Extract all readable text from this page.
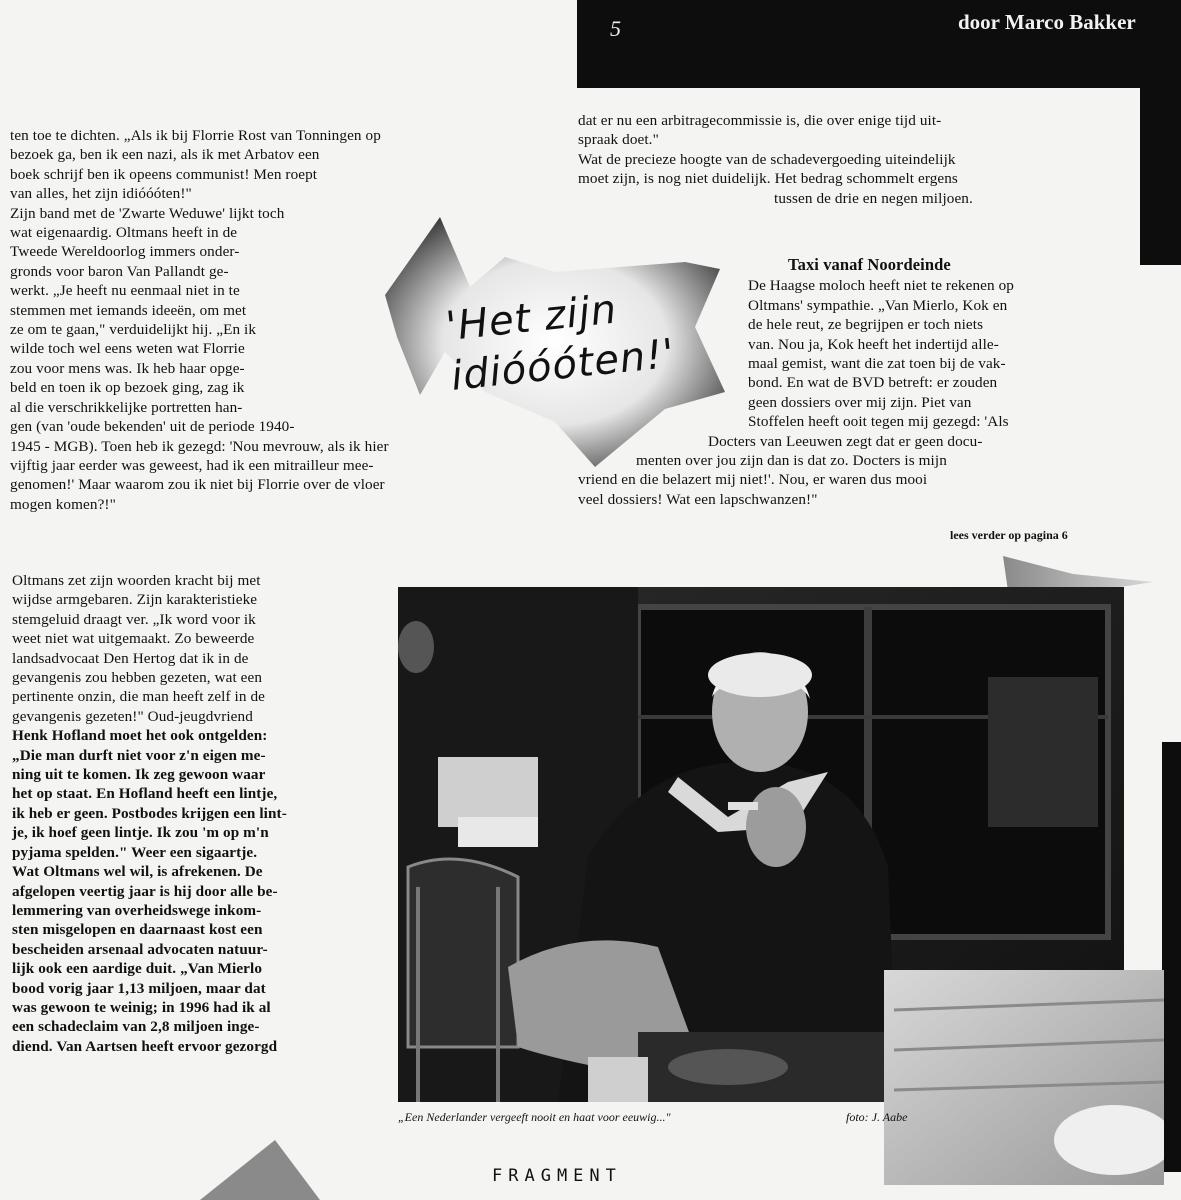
5	door Marco Bakker

ten toe te dichten. „Als ik bij Florrie Rost van Tonningen op

bezoek ga, ben ik een nazi, als ik met Arbatov een

boek schrijf ben ik opeens communist! Men roept

van alles, het zijn idióóóten!"

Zijn band met de 'Zwarte Weduwe' lijkt toch

wat eigenaardig. Oltmans heeft in de

Tweede Wereldoorlog immers onder-

gronds voor baron Van Pallandt ge-

werkt. „Je heeft nu eenmaal niet in te

stemmen met iemands ideeën, om met

ze om te gaan," verduidelijkt hij. „En ik

wilde toch wel eens weten wat Florrie

zou voor mens was. Ik heb haar opge-

beld en toen ik op bezoek ging, zag ik

al die verschrikkelijke portretten han-

gen (van 'oude bekenden' uit de periode 1940-

1945 - MGB). Toen heb ik gezegd: 'Nou mevrouw, als ik hier

vijftig jaar eerder was geweest, had ik een mitrailleur mee-

genomen!' Maar waarom zou ik niet bij Florrie over de vloer

mogen komen?!"

Oltmans zet zijn woorden kracht bij met

wijdse armgebaren. Zijn karakteristieke

stemgeluid draagt ver. „Ik word voor ik

weet niet wat uitgemaakt. Zo beweerde

landsadvocaat Den Hertog dat ik in de

gevangenis zou hebben gezeten, wat een

pertinente onzin, die man heeft zelf in de

gevangenis gezeten!" Oud-jeugdvriend

Henk Hofland moet het ook ontgelden:

„Die man durft niet voor z'n eigen me-

ning uit te komen. Ik zeg gewoon waar

het op staat. En Hofland heeft een lintje,

ik heb er geen. Postbodes krijgen een lint-

je, ik hoef geen lintje. Ik zou 'm op m'n

pyjama spelden." Weer een sigaartje.

Wat Oltmans wel wil, is afrekenen. De

afgelopen veertig jaar is hij door alle be-

lemmering van overheidswege inkom-

sten misgelopen en daarnaast kost een

bescheiden arsenaal advocaten natuur-

lijk ook een aardige duit. „Van Mierlo

bood vorig jaar 1,13 miljoen, maar dat

was gewoon te weinig; in 1996 had ik al

een schadeclaim van 2,8 miljoen inge-

diend. Van Aartsen heeft ervoor gezorgd

dat er nu een arbitragecommissie is, die over enige tijd uit-

spraak doet."

Wat de precieze hoogte van de schadevergoeding uiteindelijk

moet zijn, is nog niet duidelijk. Het bedrag schommelt ergens

tussen de drie en negen miljoen.

Taxi vanaf Noordeinde

De Haagse moloch heeft niet te rekenen op

Oltmans' sympathie. „Van Mierlo, Kok en

de hele reut, ze begrijpen er toch niets

van. Nou ja, Kok heeft het indertijd alle-

maal gemist, want die zat toen bij de vak-

bond. En wat de BVD betreft: er zouden

geen dossiers over mij zijn. Piet van

Stoffelen heeft ooit tegen mij gezegd: 'Als

Docters van Leeuwen zegt dat er geen docu-

menten over jou zijn dan is dat zo. Docters is mijn

vriend en die belazert mij niet!'. Nou, er waren dus mooi

veel dossiers! Wat een lapschwanzen!"

lees verder op pagina 6
'Het zijn
idióóóten!'
„Een Nederlander vergeeft nooit en haat voor eeuwig..."	foto: J. Aabe
FRAGMENT
